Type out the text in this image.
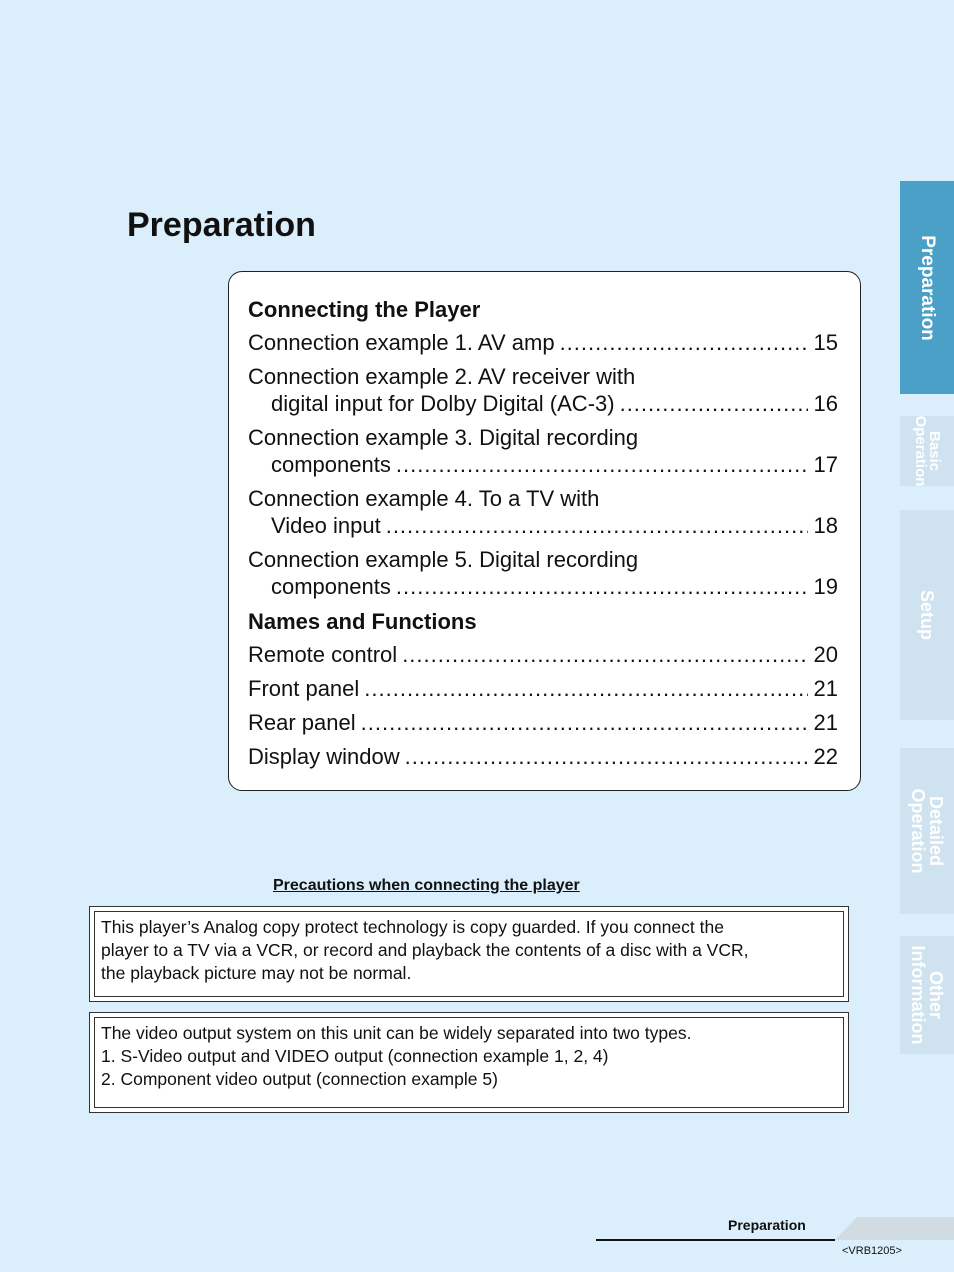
Preparation
Connecting the Player
Connection example 1. AV amp .....	15
Connection example 2. AV receiver with
digital input for Dolby Digital (AC-3) .....	16
Connection example 3. Digital recording
components .....	17
Connection example 4. To a TV with
Video input .....	18
Connection example 5. Digital recording
components .....	19
Names and Functions
Remote control .....	20
Front panel .....	21
Rear panel .....	21
Display window .....	22
Precautions when connecting the player
This player’s Analog copy protect technology is copy guarded. If you connect the
player to a TV via a VCR, or record and playback the contents of a disc with a VCR,
the playback picture may not be normal.
The video output system on this unit can be widely separated into two types.
1. S-Video output and VIDEO output (connection example 1, 2, 4)
2. Component video output (connection example 5)
Preparation
Basic
Operation
Setup
Detailed
Operation
Other
Information
Preparation
<VRB1205>
